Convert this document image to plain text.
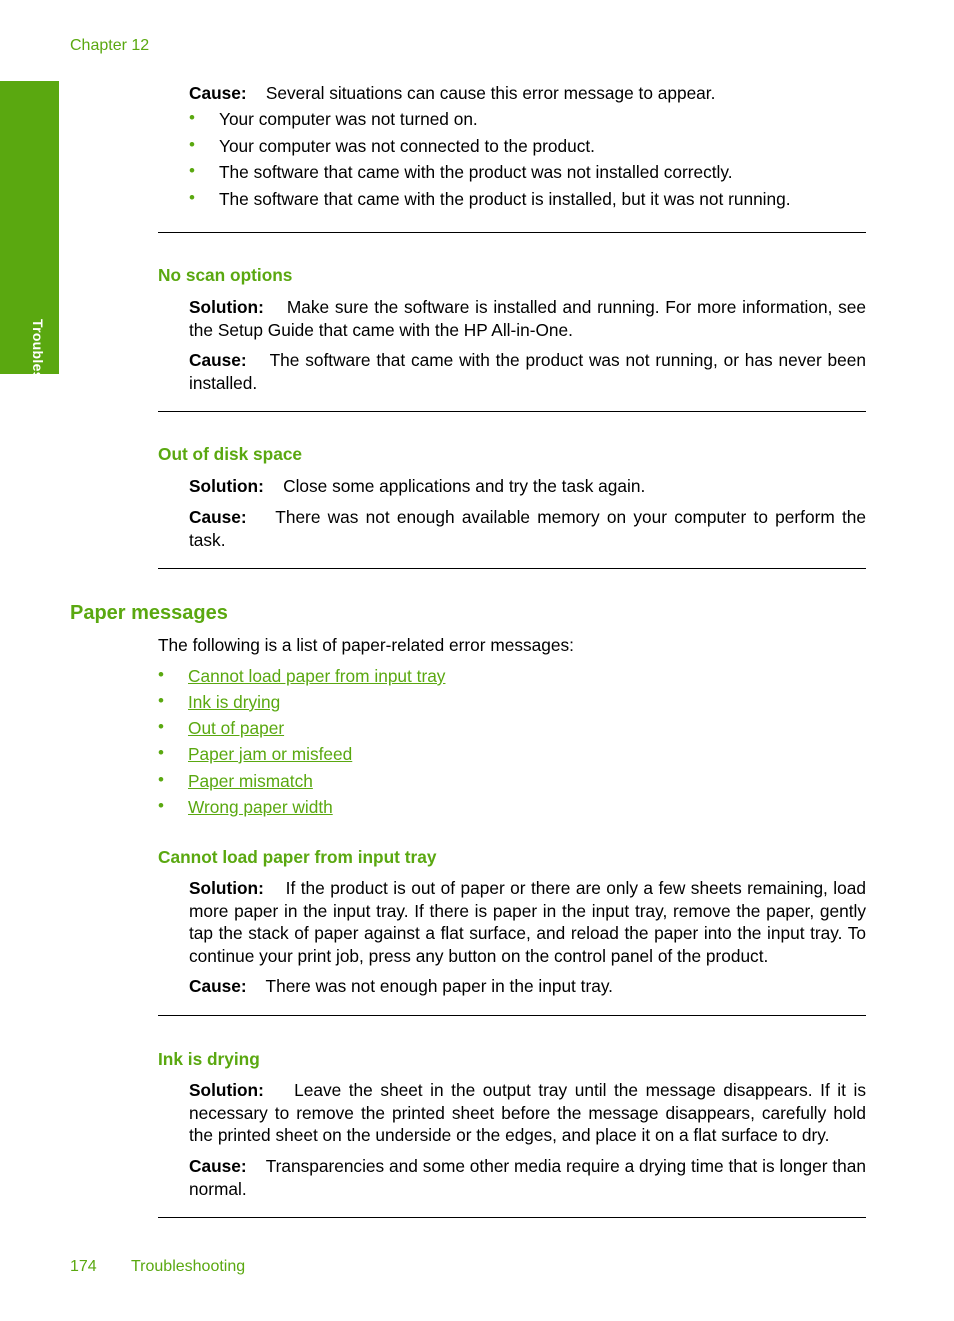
Chapter 12
Troubleshooting

Cause: Several situations can cause this error message to appear.

• Your computer was not turned on.
• Your computer was not connected to the product.
• The software that came with the product was not installed correctly.
• The software that came with the product is installed, but it was not running.
No scan options

Solution: Make sure the software is installed and running. For more information, see the Setup Guide that came with the HP All-in-One.

Cause: The software that came with the product was not running, or has never been installed.

Out of disk space

Solution: Close some applications and try the task again.

Cause: There was not enough available memory on your computer to perform the task.

Paper messages

The following is a list of paper-related error messages:

• Cannot load paper from input tray
• Ink is drying
• Out of paper
• Paper jam or misfeed
• Paper mismatch
• Wrong paper width
Cannot load paper from input tray

Solution: If the product is out of paper or there are only a few sheets remaining, load more paper in the input tray. If there is paper in the input tray, remove the paper, gently tap the stack of paper against a flat surface, and reload the paper into the input tray. To continue your print job, press any button on the control panel of the product.

Cause: There was not enough paper in the input tray.

Ink is drying

Solution: Leave the sheet in the output tray until the message disappears. If it is necessary to remove the printed sheet before the message disappears, carefully hold the printed sheet on the underside or the edges, and place it on a flat surface to dry.

Cause: Transparencies and some other media require a drying time that is longer than normal.

174 Troubleshooting
